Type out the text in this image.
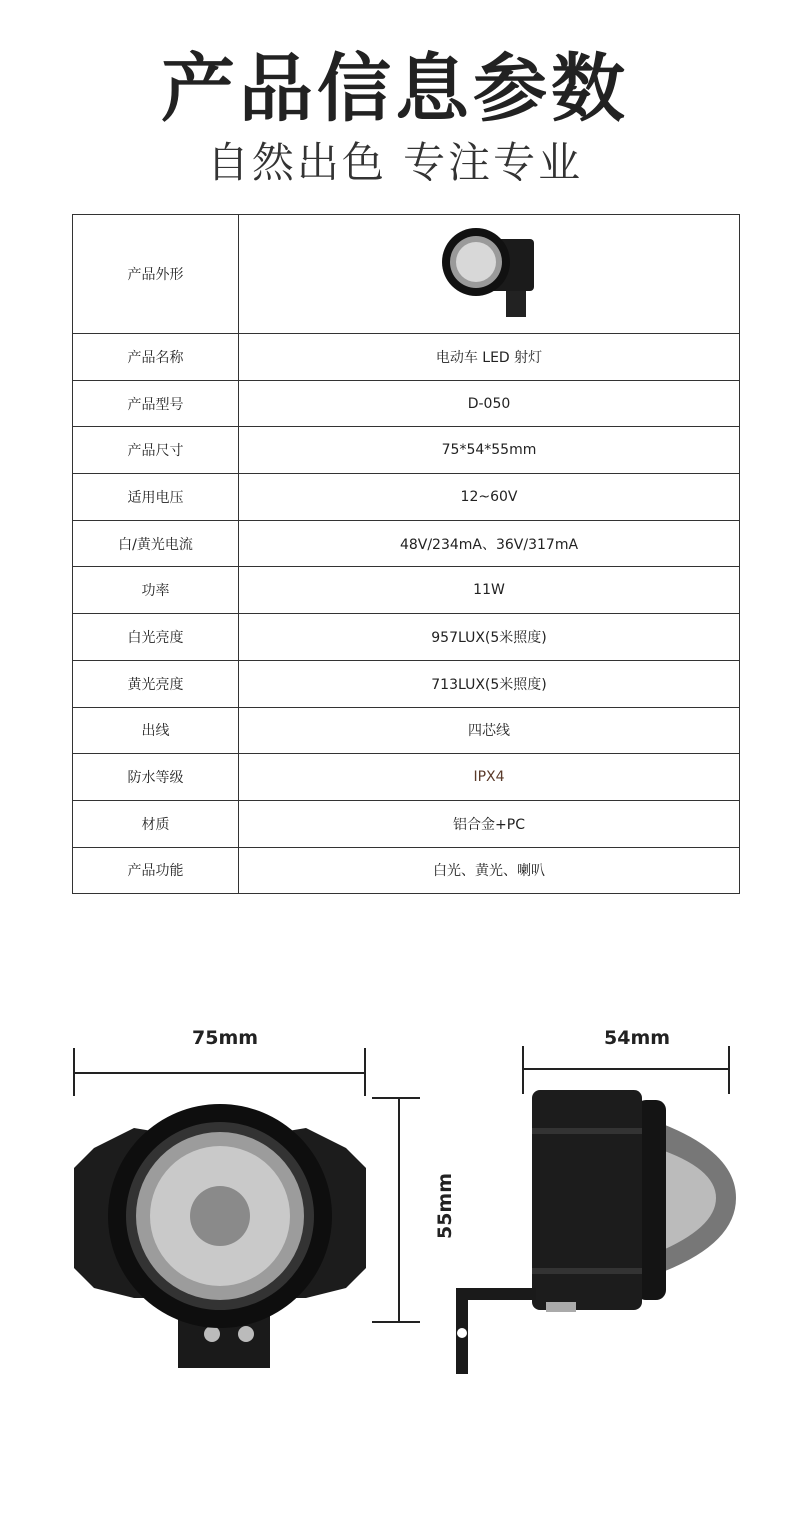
产品信息参数
自然出色 专注专业
产品外形	
产品名称	电动车 LED 射灯
产品型号	D-050
产品尺寸	75*54*55mm
适用电压	12~60V
白/黄光电流	48V/234mA、36V/317mA
功率	11W
白光亮度	957LUX(5米照度)
黄光亮度	713LUX(5米照度)
出线	四芯线
防水等级	IPX4
材质	铝合金+PC
产品功能	白光、黄光、喇叭
75mm	54mm
55mm
